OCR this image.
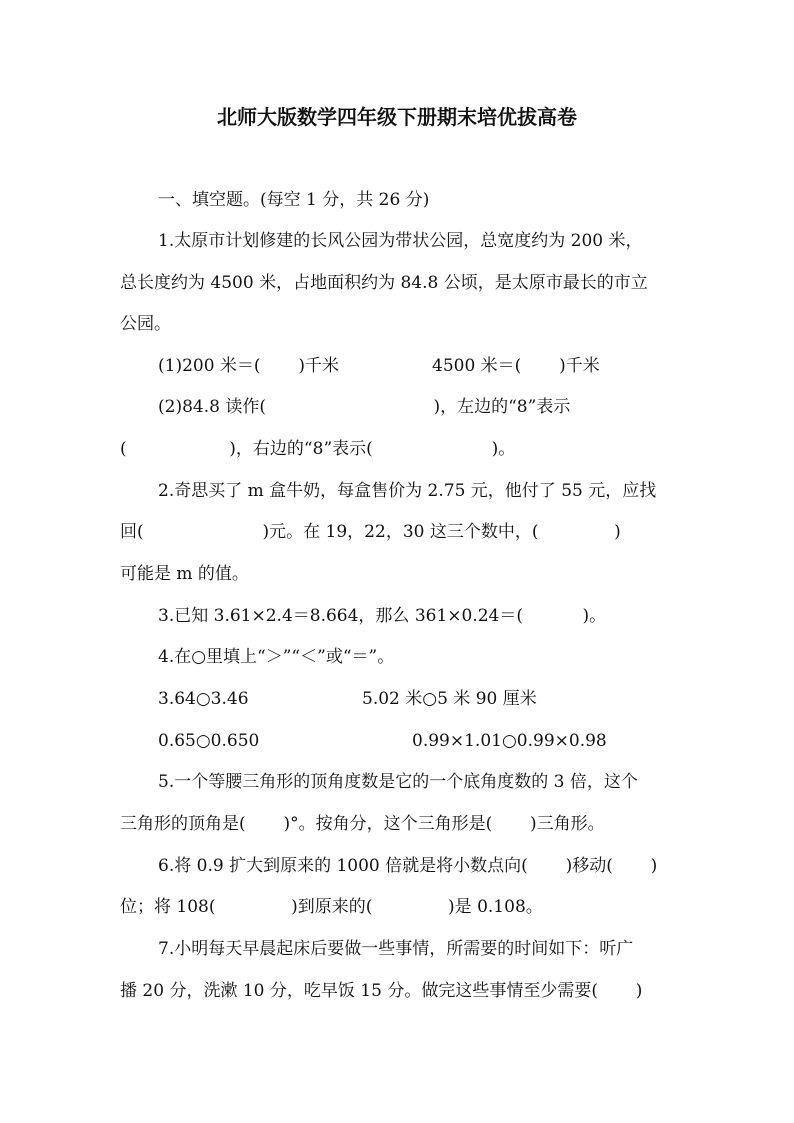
北师大版数学四年级下册期末培优拔高卷
一、填空题。(每空 1 分，共 26 分)
1.太原市计划修建的长风公园为带状公园，总宽度约为 200 米，
总长度约为 4500 米，占地面积约为 84.8 公顷，是太原市最长的市立
公园。
(1)200 米＝(       )千米	4500 米＝(       )千米
(2)84.8 读作(                               )，左边的“8”表示
(                   )，右边的“8”表示(                      )。
2.奇思买了 m 盒牛奶，每盒售价为 2.75 元，他付了 55 元，应找
回(                      )元。在 19，22，30 这三个数中，(              )
可能是 m 的值。
3.已知 3.61×2.4＝8.664，那么 361×0.24＝(           )。
4.在○里填上“＞”“＜”或“＝”。
3.64○3.46	5.02 米○5 米 90 厘米
0.65○0.650	0.99×1.01○0.99×0.98
5.一个等腰三角形的顶角度数是它的一个底角度数的 3 倍，这个
三角形的顶角是(       )°。按角分，这个三角形是(       )三角形。
6.将 0.9 扩大到原来的 1000 倍就是将小数点向(       )移动(       )
位；将 108(              )到原来的(              )是 0.108。
7.小明每天早晨起床后要做一些事情，所需要的时间如下：听广
播 20 分，洗漱 10 分，吃早饭 15 分。做完这些事情至少需要(       )
